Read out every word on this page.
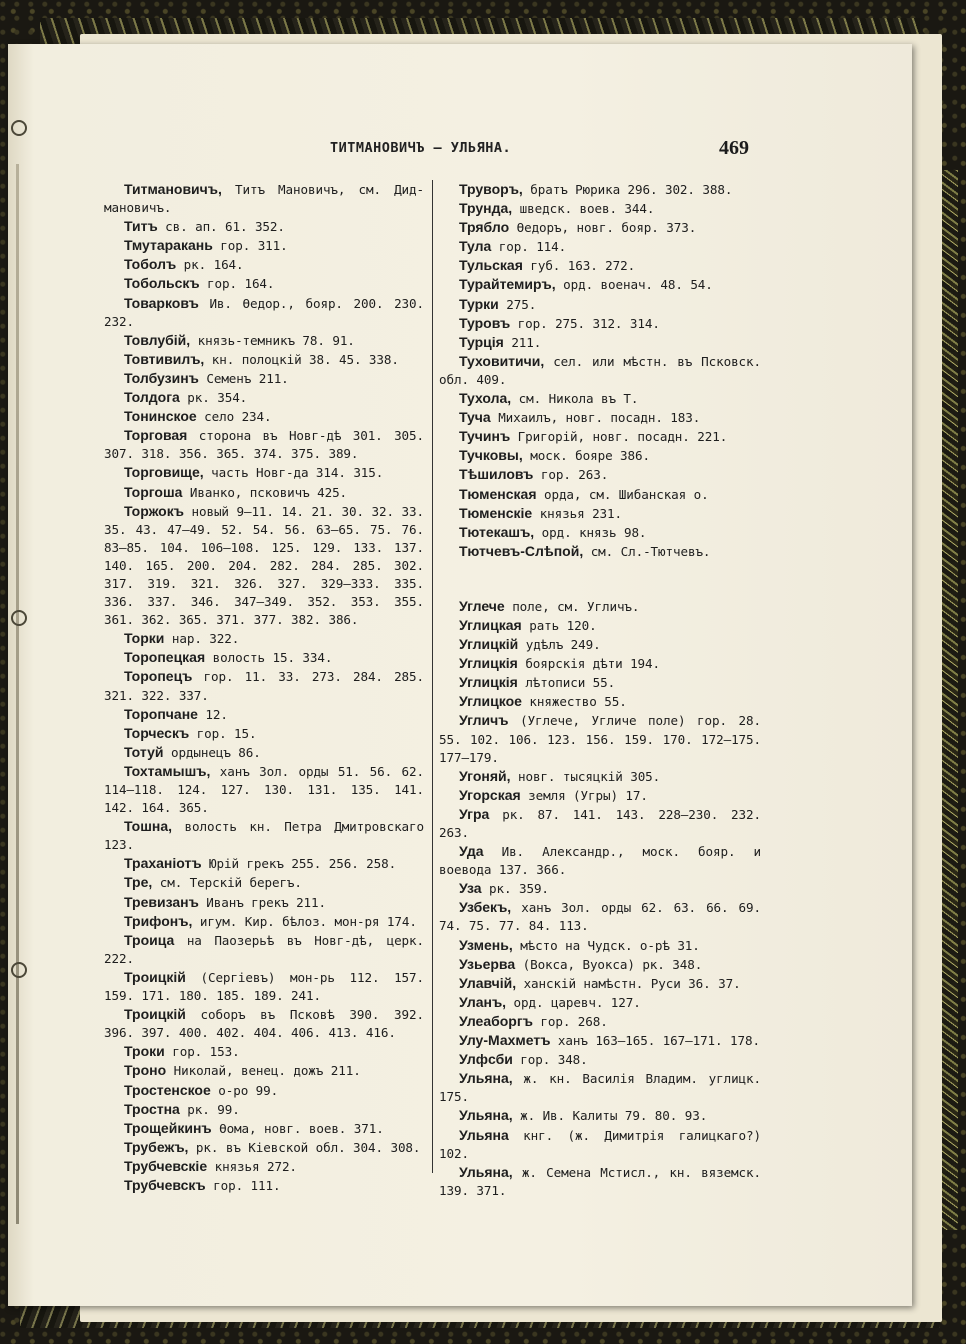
ТИТМАНОВИЧЪ — УЛЬЯНА.	469

Титмановичъ, Титъ Мановичъ, см. Дид-мановичъ.

Титъ св. ап. 61. 352.

Тмутаракань гор. 311.

Тоболъ рк. 164.

Тобольскъ гор. 164.

Товарковъ Ив. Өедор., бояр. 200. 230. 232.

Товлубій, князь-темникъ 78. 91.

Товтивилъ, кн. полоцкій 38. 45. 338.

Толбузинъ Семенъ 211.

Толдога рк. 354.

Тонинское село 234.

Торговая сторона въ Новг-дѣ 301. 305. 307. 318. 356. 365. 374. 375. 389.

Торговище, часть Новг-да 314. 315.

Торгоша Иванко, псковичъ 425.

Торжокъ новый 9—11. 14. 21. 30. 32. 33. 35. 43. 47—49. 52. 54. 56. 63—65. 75. 76. 83—85. 104. 106—108. 125. 129. 133. 137. 140. 165. 200. 204. 282. 284. 285. 302. 317. 319. 321. 326. 327. 329—333. 335. 336. 337. 346. 347—349. 352. 353. 355. 361. 362. 365. 371. 377. 382. 386.

Торки нар. 322.

Торопецкая волость 15. 334.

Торопецъ гор. 11. 33. 273. 284. 285. 321. 322. 337.

Торопчане 12.

Торческъ гор. 15.

Тотуй ордынецъ 86.

Тохтамышъ, ханъ Зол. орды 51. 56. 62. 114—118. 124. 127. 130. 131. 135. 141. 142. 164. 365.

Тошна, волость кн. Петра Дмитровскаго 123.

Траханіотъ Юрій грекъ 255. 256. 258.

Тре, см. Терскій берегъ.

Тревизанъ Иванъ грекъ 211.

Трифонъ, игум. Кир. бѣлоз. мон-ря 174.

Троица на Паозерьѣ въ Новг-дѣ, церк. 222.

Троицкій (Сергіевъ) мон-рь 112. 157. 159. 171. 180. 185. 189. 241.

Троицкій соборъ въ Псковѣ 390. 392. 396. 397. 400. 402. 404. 406. 413. 416.

Троки гор. 153.

Троно Николай, венец. дожъ 211.

Тростенское о-ро 99.

Тростна рк. 99.

Трощейкинъ Өома, новг. воев. 371.

Трубежъ, рк. въ Кіевской обл. 304. 308.

Трубчевскіе князья 272.

Трубчевскъ гор. 111.

Труворъ, братъ Рюрика 296. 302. 388.

Трунда, шведск. воев. 344.

Трябло Өедоръ, новг. бояр. 373.

Тула гор. 114.

Тульская губ. 163. 272.

Турайтемиръ, орд. военач. 48. 54.

Турки 275.

Туровъ гор. 275. 312. 314.

Турція 211.

Туховитичи, сел. или мѣстн. въ Псковск. обл. 409.

Тухола, см. Никола въ Т.

Туча Михаилъ, новг. посадн. 183.

Тучинъ Григорій, новг. посадн. 221.

Тучковы, моск. бояре 386.

Тѣшиловъ гор. 263.

Тюменская орда, см. Шибанская о.

Тюменскіе князья 231.

Тютекашъ, орд. князь 98.

Тютчевъ-Слѣпой, см. Сл.-Тютчевъ.

Углече поле, см. Угличъ.

Углицкая рать 120.

Углицкій удѣлъ 249.

Углицкія боярскія дѣти 194.

Углицкія лѣтописи 55.

Углицкое княжество 55.

Угличъ (Углече, Угличе поле) гор. 28. 55. 102. 106. 123. 156. 159. 170. 172—175. 177—179.

Угоняй, новг. тысяцкій 305.

Угорская земля (Угры) 17.

Угра рк. 87. 141. 143. 228—230. 232. 263.

Уда Ив. Александр., моск. бояр. и воевода 137. 366.

Уза рк. 359.

Узбекъ, ханъ Зол. орды 62. 63. 66. 69. 74. 75. 77. 84. 113.

Узмень, мѣсто на Чудск. о-рѣ 31.

Узьерва (Вокса, Вуокса) рк. 348.

Улавчій, ханскій намѣстн. Руси 36. 37.

Уланъ, орд. царевч. 127.

Улеаборгъ гор. 268.

Улу-Махметъ ханъ 163—165. 167—171. 178.

Улфсби гор. 348.

Ульяна, ж. кн. Василія Владим. углицк. 175.

Ульяна, ж. Ив. Калиты 79. 80. 93.

Ульяна кнг. (ж. Димитрія галицкаго?) 102.

Ульяна, ж. Семена Мстисл., кн. вяземск. 139. 371.
